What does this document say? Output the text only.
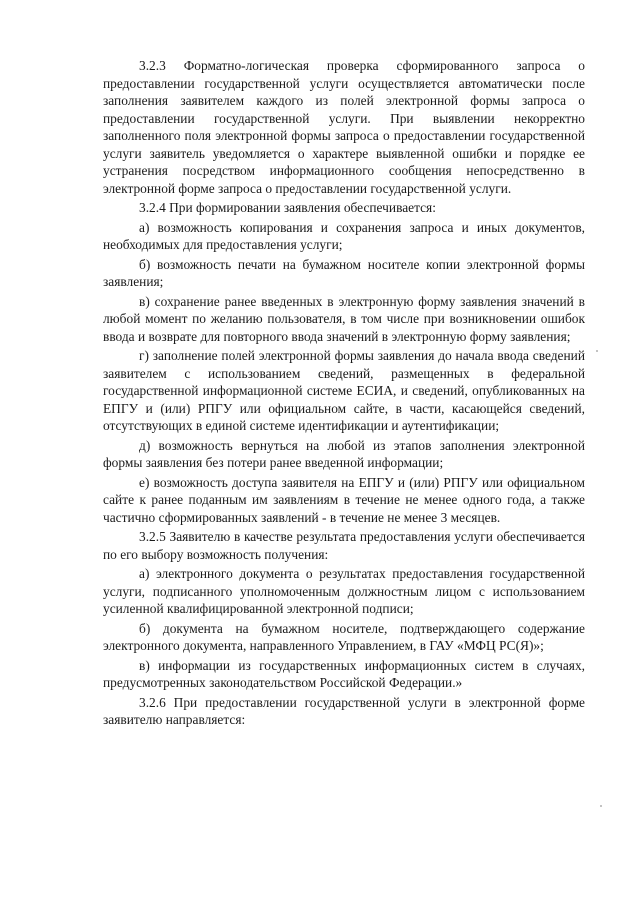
3.2.3 Форматно-логическая проверка сформированного запроса о предоставлении государственной услуги осуществляется автоматически после заполнения заявителем каждого из полей электронной формы запроса о предоставлении государственной услуги. При выявлении некорректно заполненного поля электронной формы запроса о предоставлении государственной услуги заявитель уведомляется о характере выявленной ошибки и порядке ее устранения посредством информационного сообщения непосредственно в электронной форме запроса о предоставлении государственной услуги.

3.2.4 При формировании заявления обеспечивается:

а) возможность копирования и сохранения запроса и иных документов, необходимых для предоставления услуги;

б) возможность печати на бумажном носителе копии электронной формы заявления;

в) сохранение ранее введенных в электронную форму заявления значений в любой момент по желанию пользователя, в том числе при возникновении ошибок ввода и возврате для повторного ввода значений в электронную форму заявления;

г) заполнение полей электронной формы заявления до начала ввода сведений заявителем с использованием сведений, размещенных в федеральной государственной информационной системе ЕСИА, и сведений, опубликованных на ЕПГУ и (или) РПГУ или официальном сайте, в части, касающейся сведений, отсутствующих в единой системе идентификации и аутентификации;

д) возможность вернуться на любой из этапов заполнения электронной формы заявления без потери ранее введенной информации;

е) возможность доступа заявителя на ЕПГУ и (или) РПГУ или официальном сайте к ранее поданным им заявлениям в течение не менее одного года, а также частично сформированных заявлений - в течение не менее 3 месяцев.

3.2.5 Заявителю в качестве результата предоставления услуги обеспечивается по его выбору возможность получения:

а) электронного документа о результатах предоставления государственной услуги, подписанного уполномоченным должностным лицом с использованием усиленной квалифицированной электронной подписи;

б) документа на бумажном носителе, подтверждающего содержание электронного документа, направленного Управлением, в ГАУ «МФЦ РС(Я)»;

в) информации из государственных информационных систем в случаях, предусмотренных законодательством Российской Федерации.»

3.2.6 При предоставлении государственной услуги в электронной форме заявителю направляется:
